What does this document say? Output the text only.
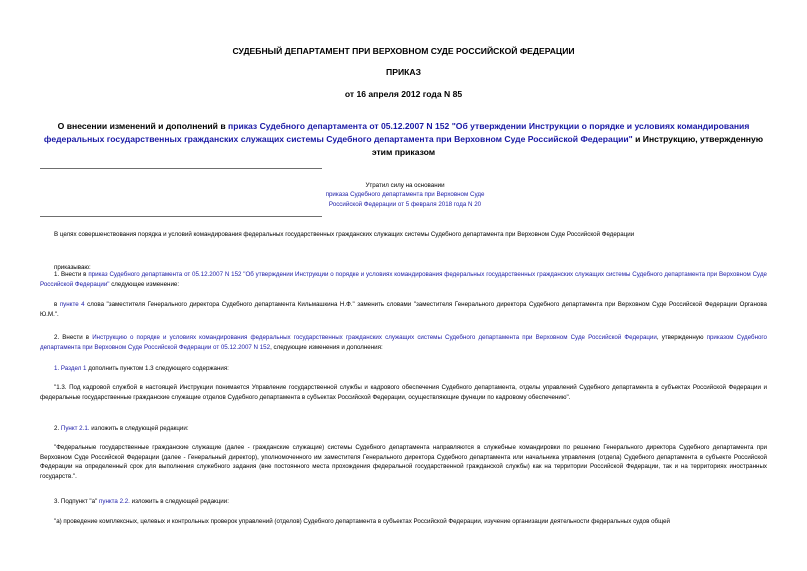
СУДЕБНЫЙ ДЕПАРТАМЕНТ ПРИ ВЕРХОВНОМ СУДЕ РОССИЙСКОЙ ФЕДЕРАЦИИ
ПРИКАЗ
от 16 апреля 2012 года N 85
О внесении изменений и дополнений в приказ Судебного департамента от 05.12.2007 N 152 "Об утверждении Инструкции о порядке и условиях командирования федеральных государственных гражданских служащих системы Судебного департамента при Верховном Суде Российской Федерации" и Инструкцию, утвержденную этим приказом
Утратил силу на основании
приказа Судебного департамента при Верховном Суде
Российской Федерации от 5 февраля 2018 года N 20
В целях совершенствования порядка и условий командирования федеральных государственных гражданских служащих системы Судебного департамента при Верховном Суде Российской Федерации
приказываю:
1. Внести в приказ Судебного департамента от 05.12.2007 N 152 "Об утверждении Инструкции о порядке и условиях командирования федеральных государственных гражданских служащих системы Судебного департамента при Верховном Суде Российской Федерации" следующее изменение:
в пункте 4 слова "заместителя Генерального директора Судебного департамента Кильмашкина Н.Ф." заменить словами "заместителя Генерального директора Судебного департамента при Верховном Суде Российской Федерации Органова Ю.М.".
2. Внести в Инструкцию о порядке и условиях командирования федеральных государственных гражданских служащих системы Судебного департамента при Верховном Суде Российской Федерации, утвержденную приказом Судебного департамента при Верховном Суде Российской Федерации от 05.12.2007 N 152, следующие изменения и дополнения:
1. Раздел 1 дополнить пунктом 1.3 следующего содержания:
"1.3. Под кадровой службой в настоящей Инструкции понимается Управление государственной службы и кадрового обеспечения Судебного департамента, отделы управлений Судебного департамента в субъектах Российской Федерации и федеральные государственные гражданские служащие отделов Судебного департамента в субъектах Российской Федерации, осуществляющие функции по кадровому обеспечению".
2. Пункт 2.1. изложить в следующей редакции:
"Федеральные государственные гражданские служащие (далее - гражданские служащие) системы Судебного департамента направляются в служебные командировки по решению Генерального директора Судебного департамента при Верховном Суде Российской Федерации (далее - Генеральный директор), уполномоченного им заместителя Генерального директора Судебного департамента или начальника управления (отдела) Судебного департамента в субъекте Российской Федерации на определенный срок для выполнения служебного задания (вне постоянного места прохождения федеральной государственной гражданской службы) как на территории Российской Федерации, так и на территориях иностранных государств.".
3. Подпункт "а" пункта 2.2. изложить в следующей редакции:
"а) проведение комплексных, целевых и контрольных проверок управлений (отделов) Судебного департамента в субъектах Российской Федерации, изучение организации деятельности федеральных судов общей
